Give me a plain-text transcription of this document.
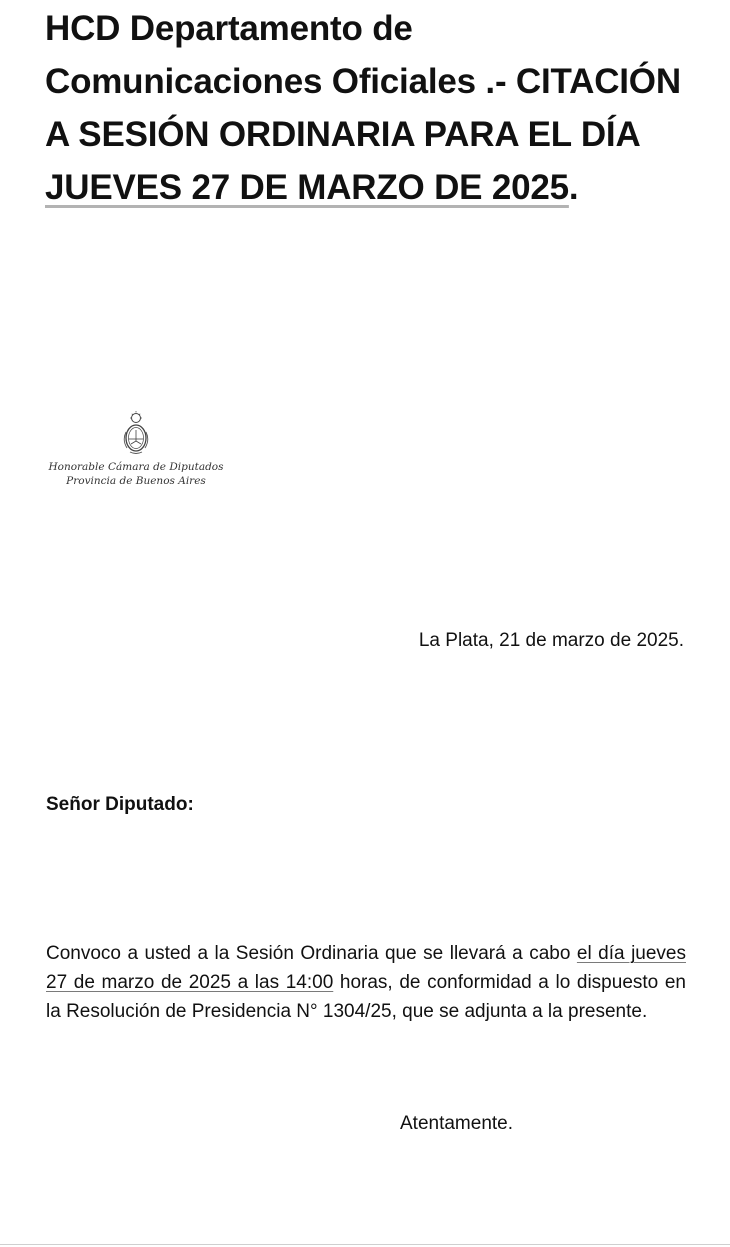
HCD Departamento de Comunicaciones Oficiales .- CITACIÓN A SESIÓN ORDINARIA PARA EL DÍA JUEVES 27 DE MARZO DE 2025.
Honorable Cámara de Diputados
Provincia de Buenos Aires
La Plata, 21 de marzo de 2025.
Señor Diputado:

Convoco a usted a la Sesión Ordinaria que se llevará a cabo el día jueves 27 de marzo de 2025 a las 14:00 horas, de conformidad a lo dispuesto en la Resolución de Presidencia N° 1304/25, que se adjunta a la presente.

Atentamente.
